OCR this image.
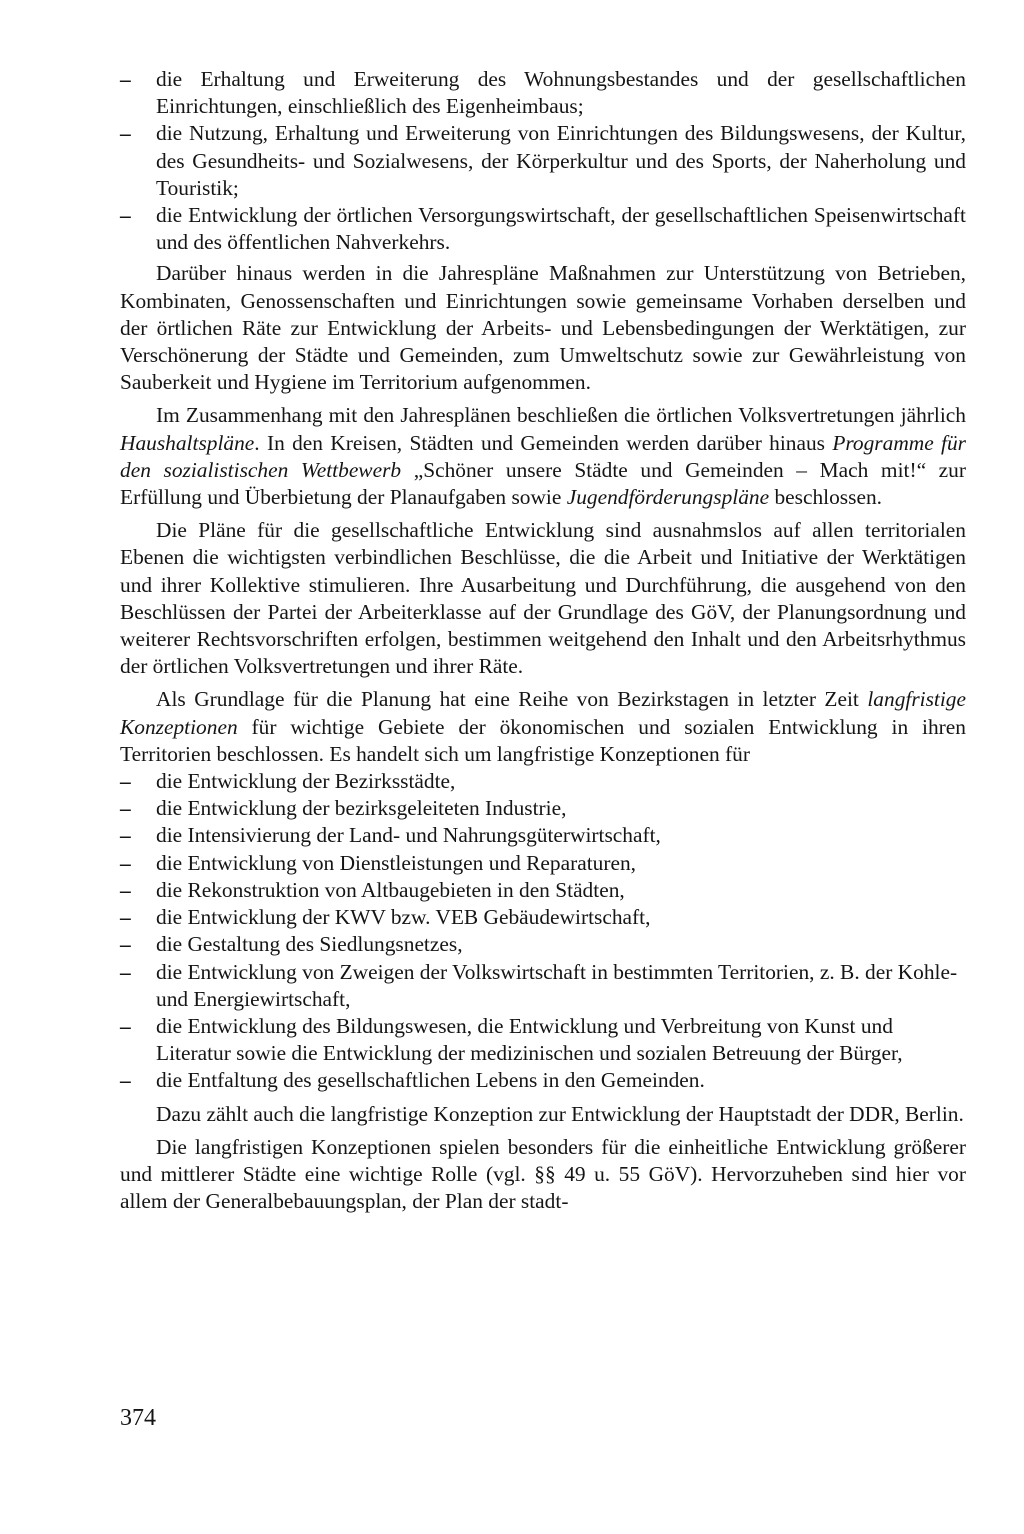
– die Erhaltung und Erweiterung des Wohnungsbestandes und der gesellschaftlichen Einrichtungen, einschließlich des Eigenheimbaus;
– die Nutzung, Erhaltung und Erweiterung von Einrichtungen des Bildungswesens, der Kultur, des Gesundheits- und Sozialwesens, der Körperkultur und des Sports, der Naherholung und Touristik;
– die Entwicklung der örtlichen Versorgungswirtschaft, der gesellschaftlichen Speisenwirtschaft und des öffentlichen Nahverkehrs.

Darüber hinaus werden in die Jahrespläne Maßnahmen zur Unterstützung von Betrieben, Kombinaten, Genossenschaften und Einrichtungen sowie gemeinsame Vorhaben derselben und der örtlichen Räte zur Entwicklung der Arbeits- und Lebensbedingungen der Werktätigen, zur Verschönerung der Städte und Gemeinden, zum Umweltschutz sowie zur Gewährleistung von Sauberkeit und Hygiene im Territorium aufgenommen.

Im Zusammenhang mit den Jahresplänen beschließen die örtlichen Volksvertretungen jährlich Haushaltspläne. In den Kreisen, Städten und Gemeinden werden darüber hinaus Programme für den sozialistischen Wettbewerb „Schöner unsere Städte und Gemeinden – Mach mit!“ zur Erfüllung und Überbietung der Planaufgaben sowie Jugendförderungspläne beschlossen.

Die Pläne für die gesellschaftliche Entwicklung sind ausnahmslos auf allen territorialen Ebenen die wichtigsten verbindlichen Beschlüsse, die die Arbeit und Initiative der Werktätigen und ihrer Kollektive stimulieren. Ihre Ausarbeitung und Durchführung, die ausgehend von den Beschlüssen der Partei der Arbeiterklasse auf der Grundlage des GöV, der Planungsordnung und weiterer Rechtsvorschriften erfolgen, bestimmen weitgehend den Inhalt und den Arbeitsrhythmus der örtlichen Volksvertretungen und ihrer Räte.

Als Grundlage für die Planung hat eine Reihe von Bezirkstagen in letzter Zeit langfristige Konzeptionen für wichtige Gebiete der ökonomischen und sozialen Entwicklung in ihren Territorien beschlossen. Es handelt sich um langfristige Konzeptionen für

– die Entwicklung der Bezirksstädte,
– die Entwicklung der bezirksgeleiteten Industrie,
– die Intensivierung der Land- und Nahrungsgüterwirtschaft,
– die Entwicklung von Dienstleistungen und Reparaturen,
– die Rekonstruktion von Altbaugebieten in den Städten,
– die Entwicklung der KWV bzw. VEB Gebäudewirtschaft,
– die Gestaltung des Siedlungsnetzes,
– die Entwicklung von Zweigen der Volkswirtschaft in bestimmten Territorien, z. B. der Kohle- und Energiewirtschaft,
– die Entwicklung des Bildungswesen, die Entwicklung und Verbreitung von Kunst und Literatur sowie die Entwicklung der medizinischen und sozialen Betreuung der Bürger,
– die Entfaltung des gesellschaftlichen Lebens in den Gemeinden.

Dazu zählt auch die langfristige Konzeption zur Entwicklung der Hauptstadt der DDR, Berlin.

Die langfristigen Konzeptionen spielen besonders für die einheitliche Entwicklung größerer und mittlerer Städte eine wichtige Rolle (vgl. §§ 49 u. 55 GöV). Hervorzuheben sind hier vor allem der Generalbebauungsplan, der Plan der stadt-

374
